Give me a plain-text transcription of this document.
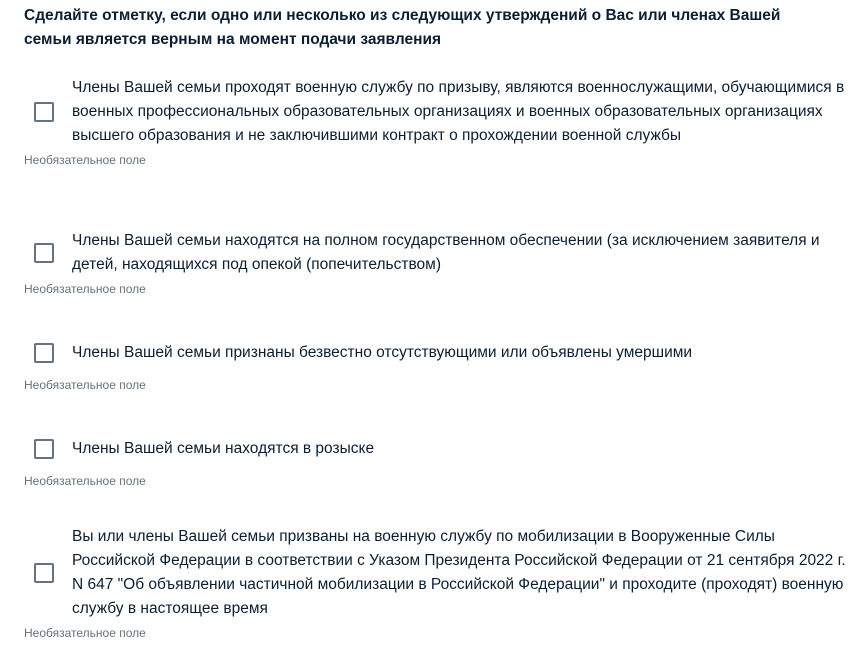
Сделайте отметку, если одно или несколько из следующих утверждений о Вас или членах Вашей семьи является верным на момент подачи заявления
Члены Вашей семьи проходят военную службу по призыву, являются военнослужащими, обучающимися в военных профессиональных образовательных организациях и военных образовательных организациях высшего образования и не заключившими контракт о прохождении военной службы
Необязательное поле
Члены Вашей семьи находятся на полном государственном обеспечении (за исключением заявителя и детей, находящихся под опекой (попечительством)
Необязательное поле
Члены Вашей семьи признаны безвестно отсутствующими или объявлены умершими
Необязательное поле
Члены Вашей семьи находятся в розыске
Необязательное поле
Вы или члены Вашей семьи призваны на военную службу по мобилизации в Вооруженные Силы Российской Федерации в соответствии с Указом Президента Российской Федерации от 21 сентября 2022 г. N 647 "Об объявлении частичной мобилизации в Российской Федерации" и проходите (проходят) военную службу в настоящее время
Необязательное поле
